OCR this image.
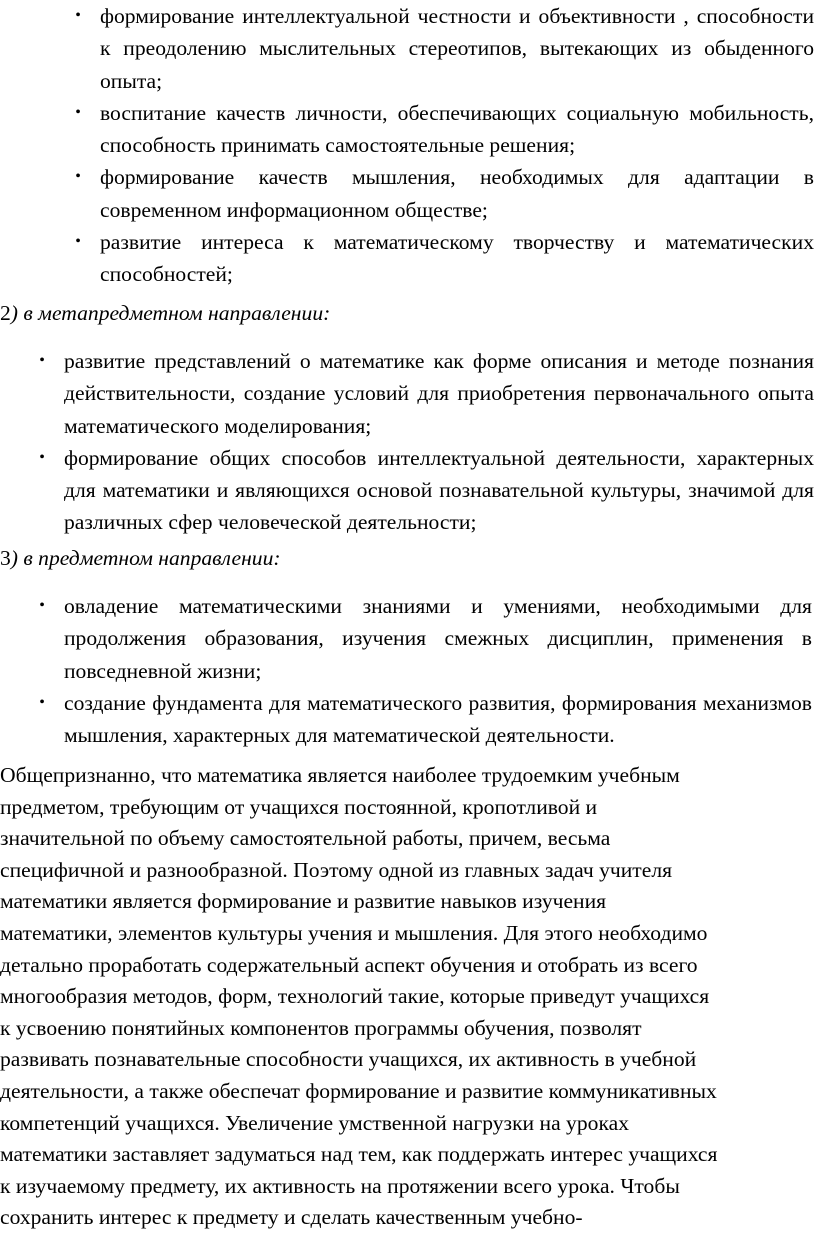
• формирование интеллектуальной честности и объективности , способности к преодолению мыслительных стереотипов, вытекающих из обыденного опыта;
• воспитание качеств личности, обеспечивающих социальную мобильность, способность принимать самостоятельные решения;
• формирование качеств мышления, необходимых для адаптации в современном информационном обществе;
• развитие интереса к математическому творчеству и математических способностей;
2) в метапредметном направлении:
• развитие представлений о математике как форме описания и методе познания действительности, создание условий для приобретения первоначального опыта математического моделирования;
• формирование общих способов интеллектуальной деятельности, характерных для математики и являющихся основой познавательной культуры, значимой для различных сфер человеческой деятельности;
3) в предметном направлении:
• овладение математическими знаниями и умениями, необходимыми для продолжения образования, изучения смежных дисциплин, применения в повседневной жизни;
• создание фундамента для математического развития, формирования механизмов мышления, характерных для математической деятельности.
Общепризнанно, что математика является наиболее трудоемким учебным
предметом, требующим от учащихся постоянной, кропотливой и
значительной по объему самостоятельной работы, причем, весьма
специфичной и разнообразной. Поэтому одной из главных задач учителя
математики является формирование и развитие навыков изучения
математики, элементов культуры учения и мышления. Для этого необходимо
детально проработать содержательный аспект обучения и отобрать из всего
многообразия методов, форм, технологий такие, которые приведут учащихся
к усвоению понятийных компонентов программы обучения, позволят
развивать познавательные способности учащихся, их активность в учебной
деятельности, а также обеспечат формирование и развитие коммуникативных
компетенций учащихся. Увеличение умственной нагрузки на уроках
математики заставляет задуматься над тем, как поддержать интерес учащихся
к изучаемому предмету, их активность на протяжении всего урока. Чтобы
сохранить интерес к предмету и сделать качественным учебно-
